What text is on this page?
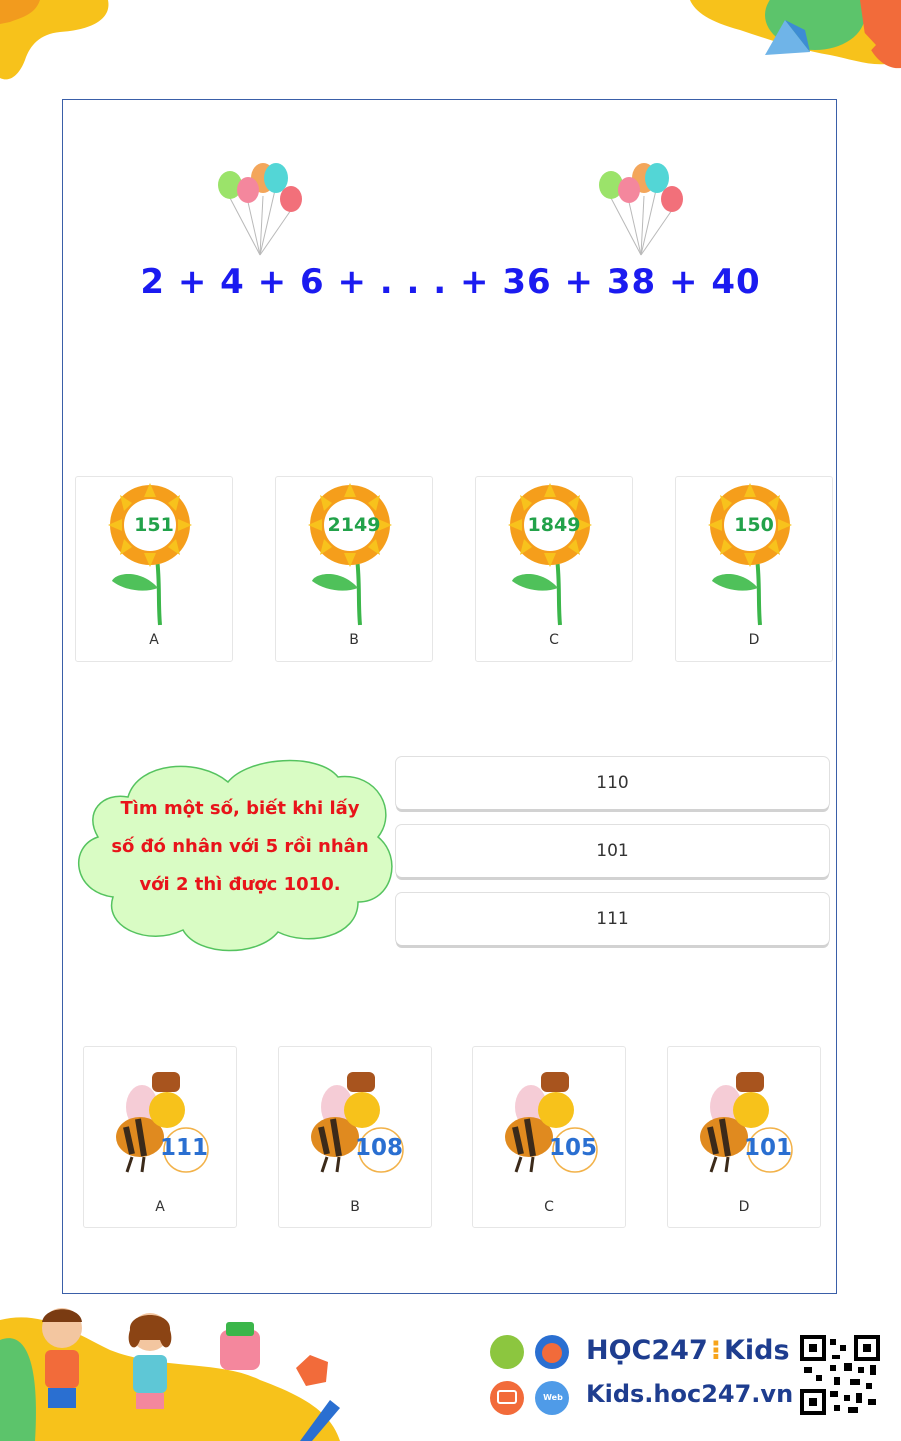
2 + 4 + 6 + . . . + 36 + 38 + 40
151
A
2149
B
1849
C
150
D
Tìm một số, biết khi lấy
số đó nhân với 5 rồi nhân
với 2 thì được 1010.
110
101
111
111
A
108
B
105
C
101
D
Web
HỌC247 ⁝ Kids
Kids.hoc247.vn
